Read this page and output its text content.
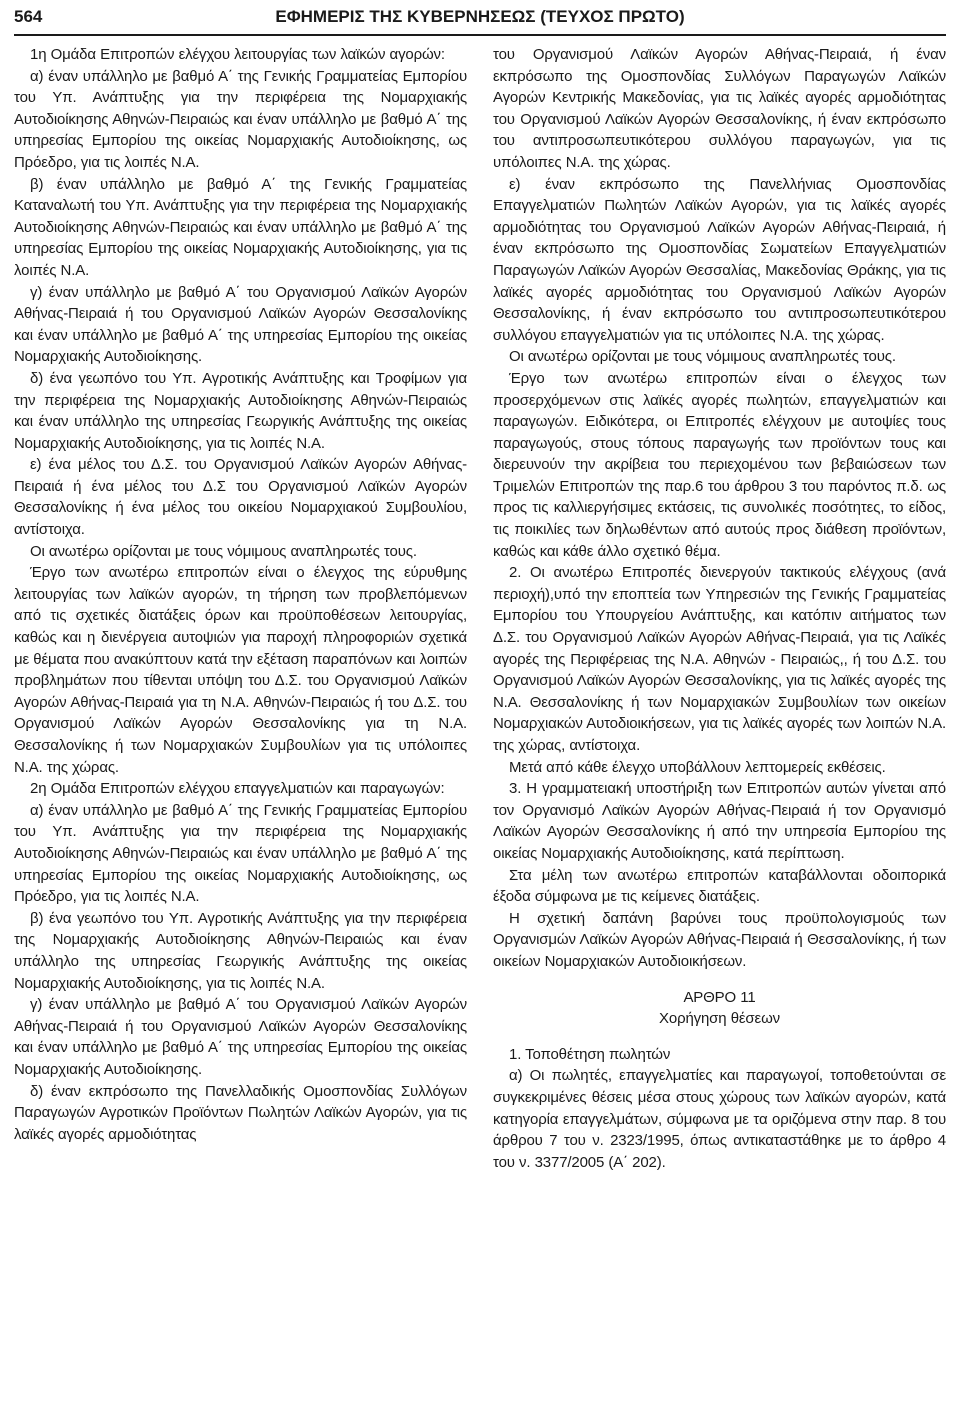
564	ΕΦΗΜΕΡΙΣ ΤΗΣ ΚΥΒΕΡΝΗΣΕΩΣ (ΤΕΥΧΟΣ ΠΡΩΤΟ)

1η Ομάδα Επιτροπών ελέγχου λειτουργίας των λαϊκών αγορών:

α) έναν υπάλληλο με βαθμό Α΄ της Γενικής Γραμματείας Εμπορίου του Υπ. Ανάπτυξης για την περιφέρεια της Νομαρχιακής Αυτοδιοίκησης Αθηνών-Πειραιώς και έναν υπάλληλο με βαθμό Α΄ της υπηρεσίας Εμπορίου της οικείας Νομαρχιακής Αυτοδιοίκησης, ως Πρόεδρο, για τις λοιπές Ν.Α.

β) έναν υπάλληλο με βαθμό Α΄ της Γενικής Γραμματείας Καταναλωτή του Υπ. Ανάπτυξης για την περιφέρεια της Νομαρχιακής Αυτοδιοίκησης Αθηνών-Πειραιώς και έναν υπάλληλο με βαθμό Α΄ της υπηρεσίας Εμπορίου της οικείας Νομαρχιακής Αυτοδιοίκησης, για τις λοιπές Ν.Α.

γ) έναν υπάλληλο με βαθμό Α΄ του Οργανισμού Λαϊκών Αγορών Αθήνας-Πειραιά ή του Οργανισμού Λαϊκών Αγορών Θεσσαλονίκης και έναν υπάλληλο με βαθμό Α΄ της υπηρεσίας Εμπορίου της οικείας Νομαρχιακής Αυτοδιοίκησης.

δ) ένα γεωπόνο του Υπ. Αγροτικής Ανάπτυξης και Τροφίμων για την περιφέρεια της Νομαρχιακής Αυτοδιοίκησης Αθηνών-Πειραιώς και έναν υπάλληλο της υπηρεσίας Γεωργικής Ανάπτυξης της οικείας Νομαρχιακής Αυτοδιοίκησης, για τις λοιπές Ν.Α.

ε) ένα μέλος του Δ.Σ. του Οργανισμού Λαϊκών Αγορών Αθήνας-Πειραιά ή ένα μέλος του Δ.Σ του Οργανισμού Λαϊκών Αγορών Θεσσαλονίκης ή ένα μέλος του οικείου Νομαρχιακού Συμβουλίου, αντίστοιχα.

Οι ανωτέρω ορίζονται με τους νόμιμους αναπληρωτές τους.

Έργο των ανωτέρω επιτροπών είναι ο έλεγχος της εύρυθμης λειτουργίας των λαϊκών αγορών, τη τήρηση των προβλεπόμενων από τις σχετικές διατάξεις όρων και προϋποθέσεων λειτουργίας, καθώς και η διενέργεια αυτοψιών για παροχή πληροφοριών σχετικά με θέματα που ανακύπτουν κατά την εξέταση παραπόνων και λοιπών προβλημάτων που τίθενται υπόψη του Δ.Σ. του Οργανισμού Λαϊκών Αγορών Αθήνας-Πειραιά για τη Ν.Α. Αθηνών-Πειραιώς ή του Δ.Σ. του Οργανισμού Λαϊκών Αγορών Θεσσαλονίκης για τη Ν.Α. Θεσσαλονίκης ή των Νομαρχιακών Συμβουλίων για τις υπόλοιπες Ν.Α. της χώρας.

2η Ομάδα Επιτροπών ελέγχου επαγγελματιών και παραγωγών:

α) έναν υπάλληλο με βαθμό Α΄ της Γενικής Γραμματείας Εμπορίου του Υπ. Ανάπτυξης για την περιφέρεια της Νομαρχιακής Αυτοδιοίκησης Αθηνών-Πειραιώς και έναν υπάλληλο με βαθμό Α΄ της υπηρεσίας Εμπορίου της οικείας Νομαρχιακής Αυτοδιοίκησης, ως Πρόεδρο, για τις λοιπές Ν.Α.

β) ένα γεωπόνο του Υπ. Αγροτικής Ανάπτυξης για την περιφέρεια της Νομαρχιακής Αυτοδιοίκησης Αθηνών-Πειραιώς και έναν υπάλληλο της υπηρεσίας Γεωργικής Ανάπτυξης της οικείας Νομαρχιακής Αυτοδιοίκησης, για τις λοιπές Ν.Α.

γ) έναν υπάλληλο με βαθμό Α΄ του Οργανισμού Λαϊκών Αγορών Αθήνας-Πειραιά ή του Οργανισμού Λαϊκών Αγορών Θεσσαλονίκης και έναν υπάλληλο με βαθμό Α΄ της υπηρεσίας Εμπορίου της οικείας Νομαρχιακής Αυτοδιοίκησης.

δ) έναν εκπρόσωπο της Πανελλαδικής Ομοσπονδίας Συλλόγων Παραγωγών Αγροτικών Προϊόντων Πωλητών Λαϊκών Αγορών, για τις λαϊκές αγορές αρμοδιότητας

του Οργανισμού Λαϊκών Αγορών Αθήνας-Πειραιά, ή έναν εκπρόσωπο της Ομοσπονδίας Συλλόγων Παραγωγών Λαϊκών Αγορών Κεντρικής Μακεδονίας, για τις λαϊκές αγορές αρμοδιότητας του Οργανισμού Λαϊκών Αγορών Θεσσαλονίκης, ή έναν εκπρόσωπο του αντιπροσωπευτικότερου συλλόγου παραγωγών, για τις υπόλοιπες Ν.Α. της χώρας.

ε) έναν εκπρόσωπο της Πανελλήνιας Ομοσπονδίας Επαγγελματιών Πωλητών Λαϊκών Αγορών, για τις λαϊκές αγορές αρμοδιότητας του Οργανισμού Λαϊκών Αγορών Αθήνας-Πειραιά, ή έναν εκπρόσωπο της Ομοσπονδίας Σωματείων Επαγγελματιών Παραγωγών Λαϊκών Αγορών Θεσσαλίας, Μακεδονίας Θράκης, για τις λαϊκές αγορές αρμοδιότητας του Οργανισμού Λαϊκών Αγορών Θεσσαλονίκης, ή έναν εκπρόσωπο του αντιπροσωπευτικότερου συλλόγου επαγγελματιών για τις υπόλοιπες Ν.Α. της χώρας.

Οι ανωτέρω ορίζονται με τους νόμιμους αναπληρωτές τους.

Έργο των ανωτέρω επιτροπών είναι ο έλεγχος των προσερχόμενων στις λαϊκές αγορές πωλητών, επαγγελματιών και παραγωγών. Ειδικότερα, οι Επιτροπές ελέγχουν με αυτοψίες τους παραγωγούς, στους τόπους παραγωγής των προϊόντων τους και διερευνούν την ακρίβεια του περιεχομένου των βεβαιώσεων των Τριμελών Επιτροπών της παρ.6 του άρθρου 3 του παρόντος π.δ. ως προς τις καλλιεργήσιμες εκτάσεις, τις συνολικές ποσότητες, το είδος, τις ποικιλίες των δηλωθέντων από αυτούς προς διάθεση προϊόντων, καθώς και κάθε άλλο σχετικό θέμα.

2. Οι ανωτέρω Επιτροπές διενεργούν τακτικούς ελέγχους (ανά περιοχή),υπό την εποπτεία των Υπηρεσιών της Γενικής Γραμματείας Εμπορίου του Υπουργείου Ανάπτυξης, και κατόπιν αιτήματος των Δ.Σ. του Οργανισμού Λαϊκών Αγορών Αθήνας-Πειραιά, για τις Λαϊκές αγορές της Περιφέρειας της Ν.Α. Αθηνών - Πειραιώς,, ή του Δ.Σ. του Οργανισμού Λαϊκών Αγορών Θεσσαλονίκης, για τις λαϊκές αγορές της Ν.Α. Θεσσαλονίκης ή των Νομαρχιακών Συμβουλίων των οικείων Νομαρχιακών Αυτοδιοικήσεων, για τις λαϊκές αγορές των λοιπών Ν.Α. της χώρας, αντίστοιχα.

Μετά από κάθε έλεγχο υποβάλλουν λεπτομερείς εκθέσεις.

3. Η γραμματειακή υποστήριξη των Επιτροπών αυτών γίνεται από τον Οργανισμό Λαϊκών Αγορών Αθήνας-Πειραιά ή τον Οργανισμό Λαϊκών Αγορών Θεσσαλονίκης ή από την υπηρεσία Εμπορίου της οικείας Νομαρχιακής Αυτοδιοίκησης, κατά περίπτωση.

Στα μέλη των ανωτέρω επιτροπών καταβάλλονται οδοιπορικά έξοδα σύμφωνα με τις κείμενες διατάξεις.

Η σχετική δαπάνη βαρύνει τους προϋπολογισμούς των Οργανισμών Λαϊκών Αγορών Αθήνας-Πειραιά ή Θεσσαλονίκης, ή των οικείων Νομαρχιακών Αυτοδιοικήσεων.

ΑΡΘΡΟ 11

Χορήγηση θέσεων

1. Τοποθέτηση πωλητών

α) Οι πωλητές, επαγγελματίες και παραγωγοί, τοποθετούνται σε συγκεκριμένες θέσεις μέσα στους χώρους των λαϊκών αγορών, κατά κατηγορία επαγγελμάτων, σύμφωνα με τα οριζόμενα στην παρ. 8 του άρθρου 7 του ν. 2323/1995, όπως αντικαταστάθηκε με το άρθρο 4 του ν. 3377/2005 (Α΄ 202).
